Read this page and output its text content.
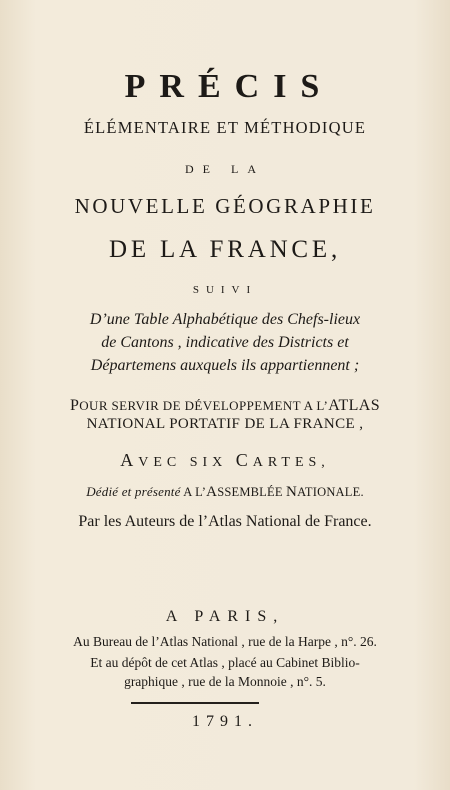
PRÉCIS
ÉLÉMENTAIRE ET MÉTHODIQUE
DE LA
NOUVELLE GÉOGRAPHIE
DE LA FRANCE,
SUIVI
D’une Table Alphabétique des Chefs-lieux
de Cantons , indicative des Districts et
Départemens auxquels ils appartiennent ;
POUR SERVIR DE DÉVELOPPEMENT A L’ATLAS
NATIONAL PORTATIF DE LA FRANCE ,
AVEC SIX CARTES,
Dédié et présenté A L’ASSEMBLÉE NATIONALE.
Par les Auteurs de l’Atlas National de France.
A PARIS,
Au Bureau de l’Atlas National , rue de la Harpe , n°. 26.
Et au dépôt de cet Atlas , placé au Cabinet Biblio-
graphique , rue de la Monnoie , n°. 5.
1791.
